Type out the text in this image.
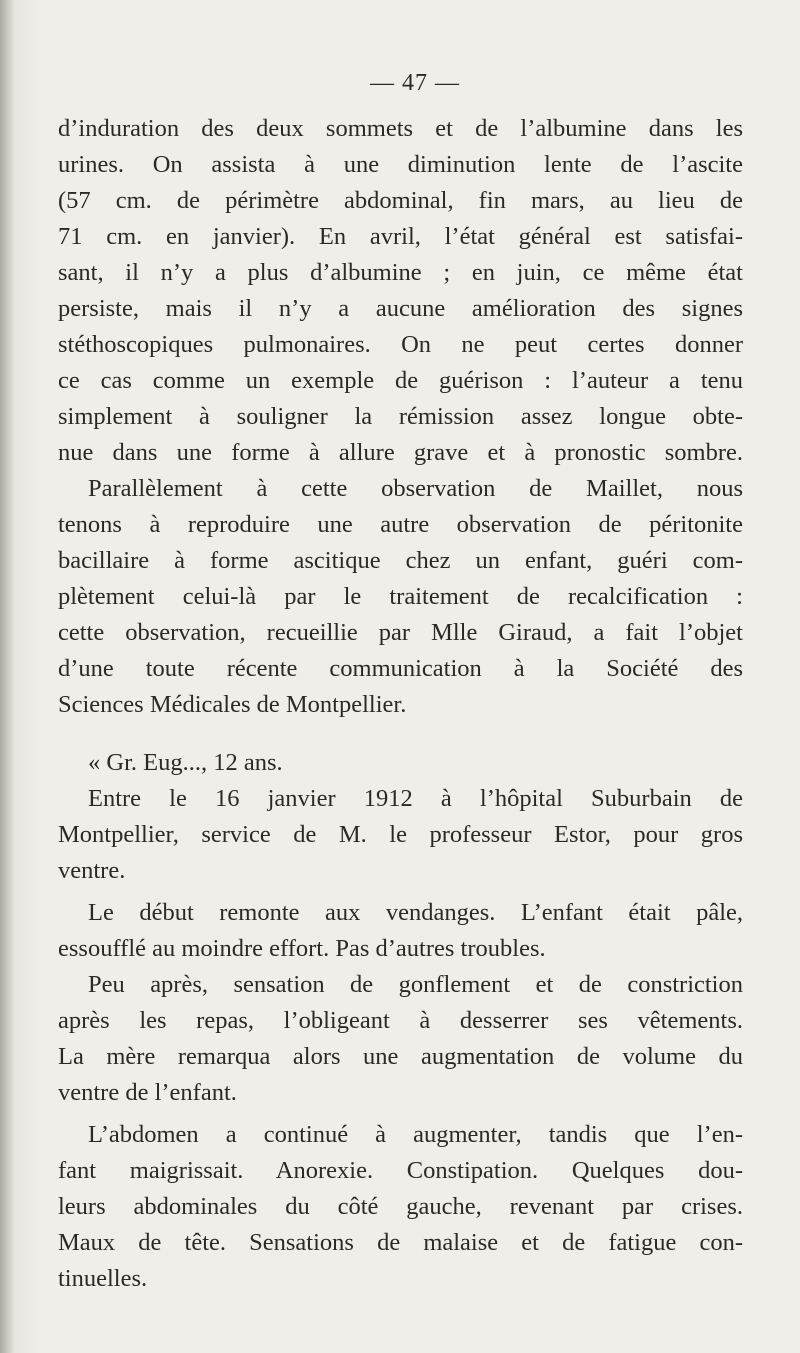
— 47 —
d’induration des deux sommets et de l’albumine dans les
urines. On assista à une diminution lente de l’ascite
(57 cm. de périmètre abdominal, fin mars, au lieu de
71 cm. en janvier). En avril, l’état général est satisfai-
sant, il n’y a plus d’albumine ; en juin, ce même état
persiste, mais il n’y a aucune amélioration des signes
stéthoscopiques pulmonaires. On ne peut certes donner
ce cas comme un exemple de guérison : l’auteur a tenu
simplement à souligner la rémission assez longue obte-
nue dans une forme à allure grave et à pronostic sombre.
Parallèlement à cette observation de Maillet, nous
tenons à reproduire une autre observation de péritonite
bacillaire à forme ascitique chez un enfant, guéri com-
plètement celui-là par le traitement de recalcification :
cette observation, recueillie par Mlle Giraud, a fait l’objet
d’une toute récente communication à la Société des
Sciences Médicales de Montpellier.
« Gr. Eug..., 12 ans.
Entre le 16 janvier 1912 à l’hôpital Suburbain de
Montpellier, service de M. le professeur Estor, pour gros
ventre.
Le début remonte aux vendanges. L’enfant était pâle,
essoufflé au moindre effort. Pas d’autres troubles.
Peu après, sensation de gonflement et de constriction
après les repas, l’obligeant à desserrer ses vêtements.
La mère remarqua alors une augmentation de volume du
ventre de l’enfant.
L’abdomen a continué à augmenter, tandis que l’en-
fant maigrissait. Anorexie. Constipation. Quelques dou-
leurs abdominales du côté gauche, revenant par crises.
Maux de tête. Sensations de malaise et de fatigue con-
tinuelles.
